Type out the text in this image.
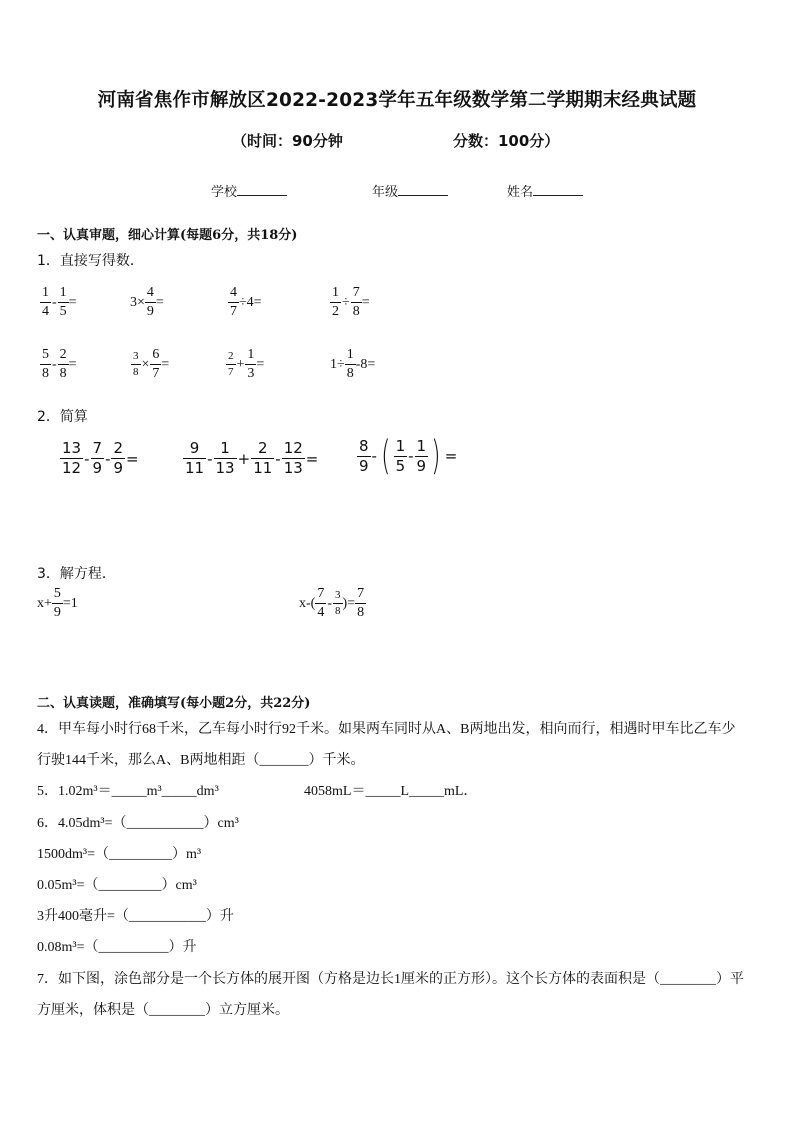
河南省焦作市解放区2022-2023学年五年级数学第二学期期末经典试题
（时间：90分钟	分数：100分）
学校	年级	姓名
一、认真审题，细心计算(每题6分，共18分)
1．直接写得数．
$\frac{1}{4} - \frac{1}{5}$ =	$3\times \frac{4}{9}$ =	$\frac{4}{7} \div 4=$	$\frac{1}{2} \div \frac{7}{8}$ =
$\frac{5}{8} - \frac{2}{8}$ =	$\frac{3}{8} \times \frac{6}{7}$ =	$\frac{2}{7} + \frac{1}{3}$ =	$1\div \frac{1}{8} -8=$
2．简算
$\frac{13}{12} - \frac{7}{9} - \frac{2}{9}$ =	$\frac{9}{11} - \frac{1}{13} + \frac{2}{11} - \frac{12}{13}$ =	$\frac{8}{9}$ - ( $\frac{1}{5} - \frac{1}{9}$ ) =
3．解方程．
$x+ \frac{5}{9} =1$	$x-( \frac{7}{4} - \frac{3}{8}$ )= $\frac{7}{8}$
二、认真读题，准确填写(每小题2分，共22分)
4．甲车每小时行68千米，乙车每小时行92千米。如果两车同时从A、B两地出发，相向而行，相遇时甲车比乙车少
行驶144千米，那么A、B两地相距（_______）千米。
5．1.02m³＝_____m³_____dm³	4058mL＝_____L_____mL．
6．4.05dm³=（___________）cm³
1500dm³=（_________）m³
0.05m³=（_________）cm³
3升400毫升=（___________）升
0.08m³=（__________）升
7．如下图，涂色部分是一个长方体的展开图（方格是边长1厘米的正方形）。这个长方体的表面积是（________）平
方厘米，体积是（________）立方厘米。
